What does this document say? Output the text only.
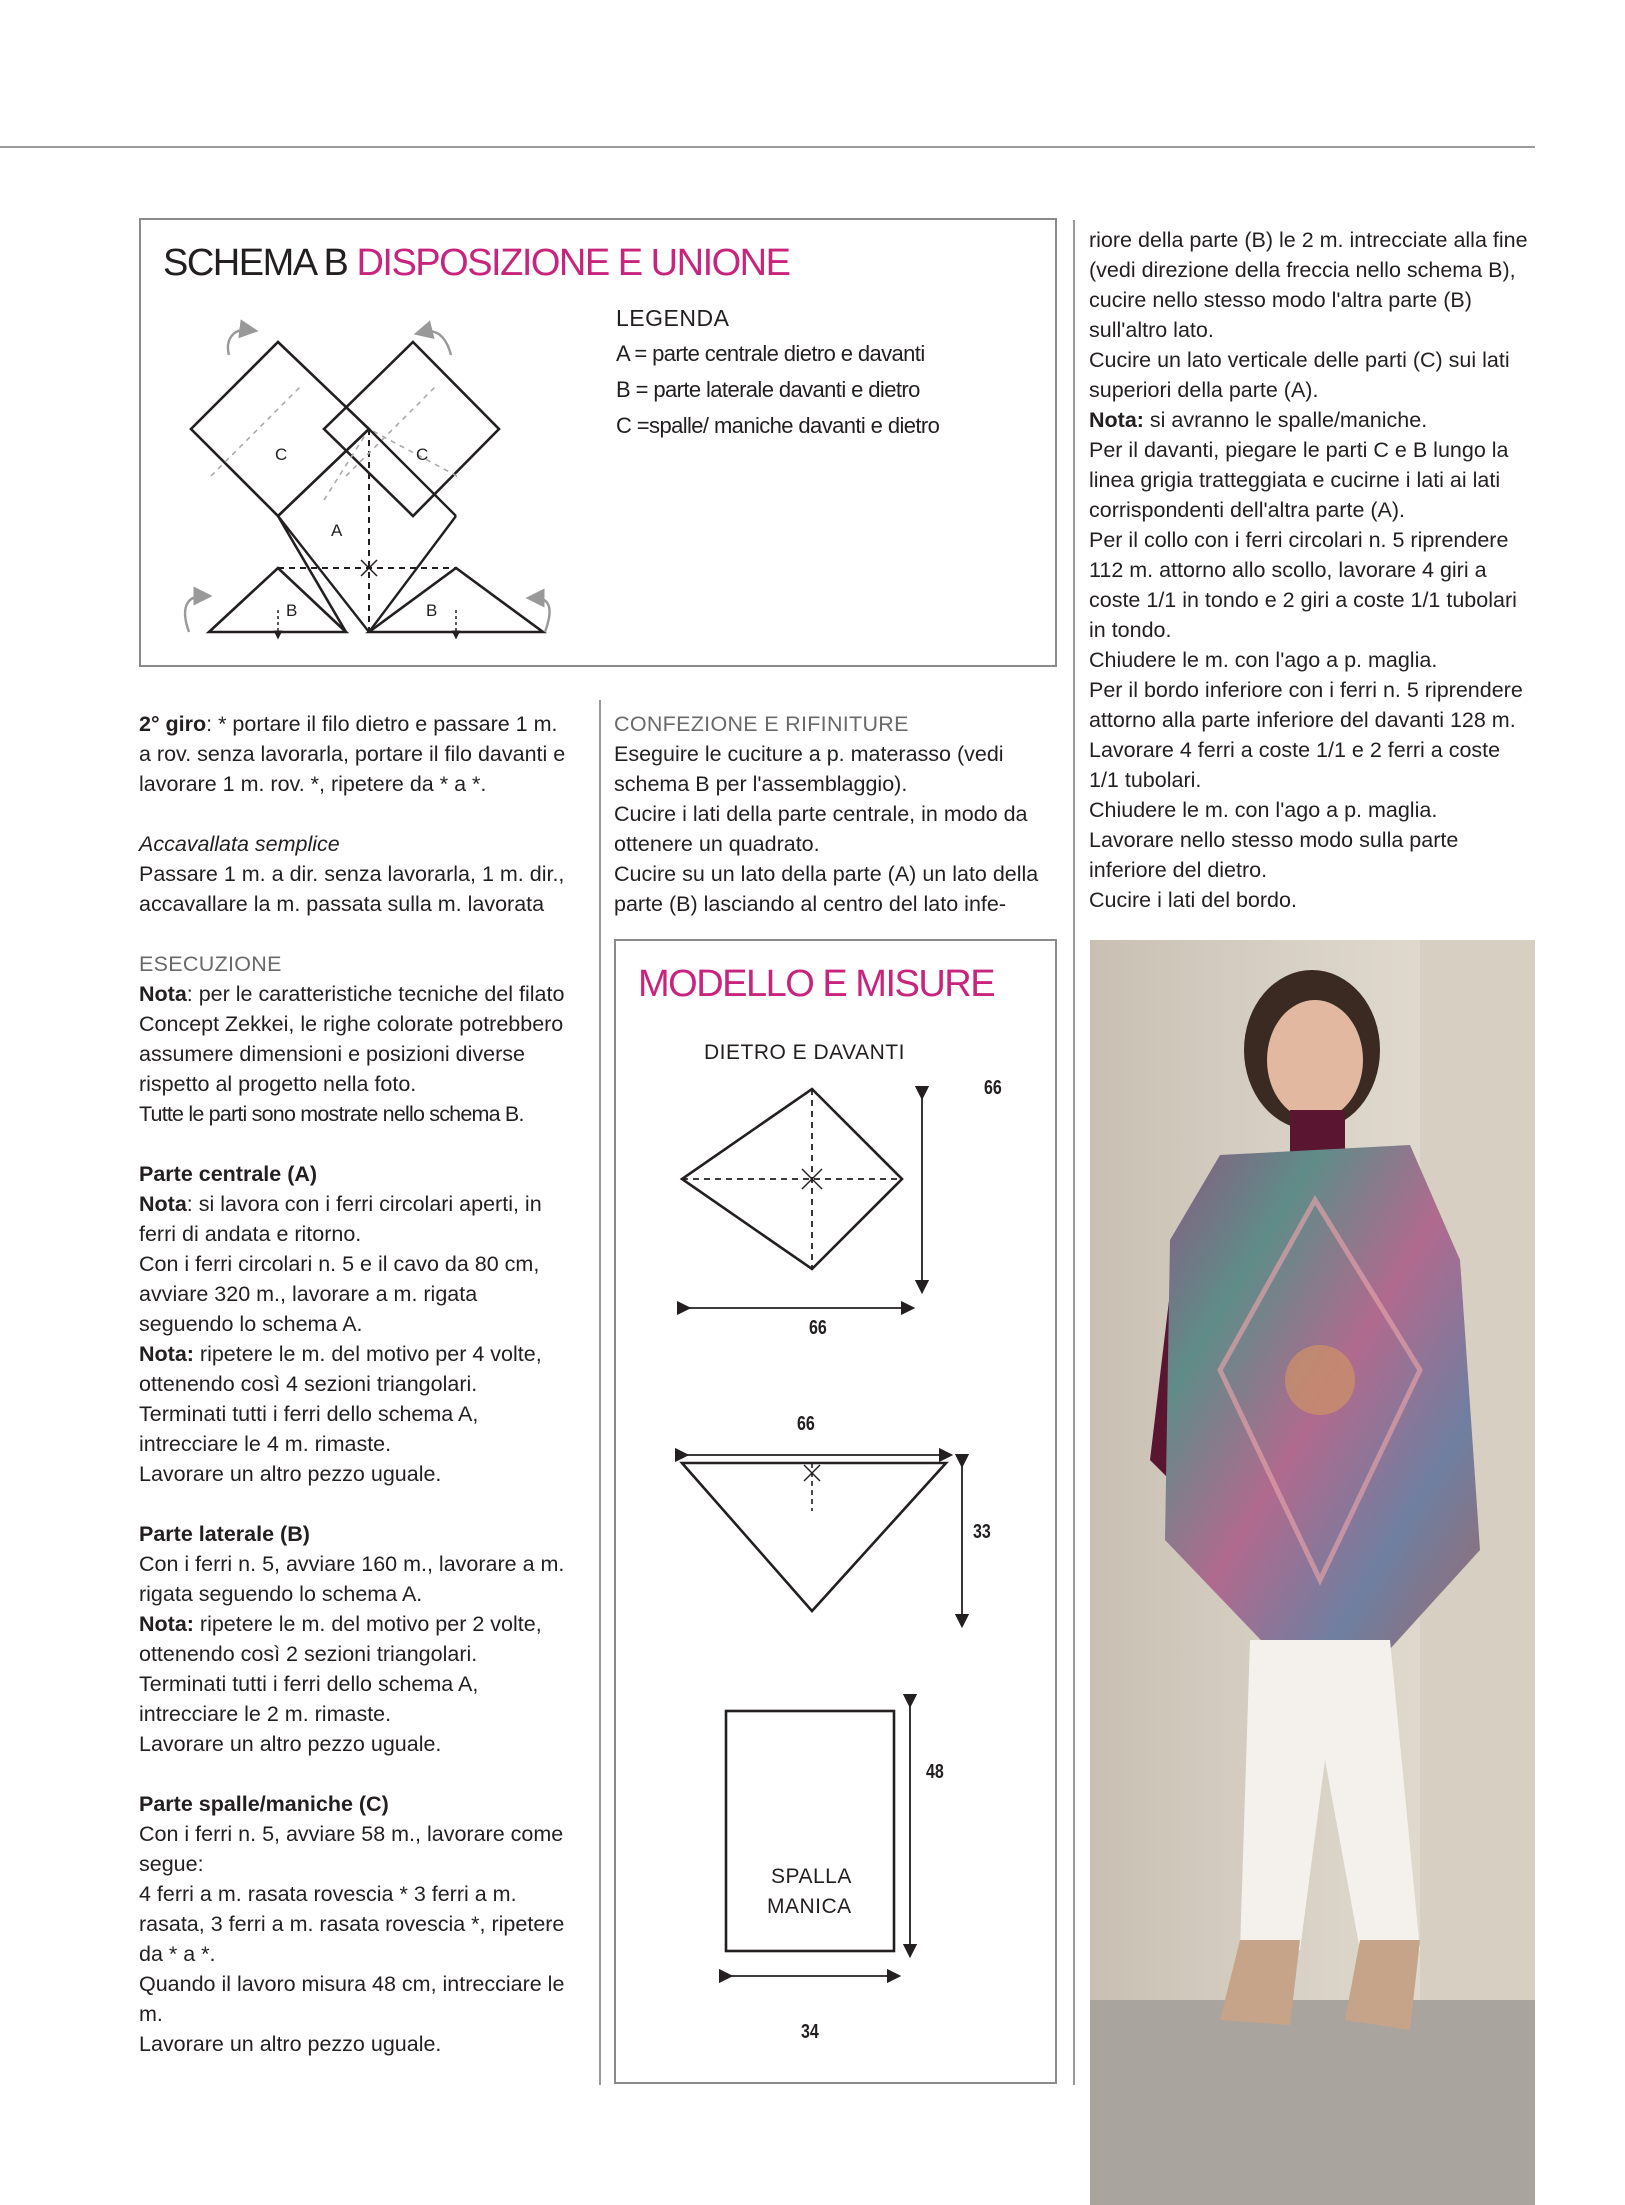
SCHEMA B DISPOSIZIONE E UNIONE
LEGENDA
A = parte centrale dietro e davanti
B = parte laterale davanti e dietro
C =spalle/ maniche davanti e dietro
C	C
A
B	B

2° giro: * portare il filo dietro e passare 1 m. a rov. senza lavorarla, portare il filo davanti e lavorare 1 m. rov. *, ripetere da * a *.

Accavallata semplice

Passare 1 m. a dir. senza lavorarla, 1 m. dir., accavallare la m. passata sulla m. lavorata

ESECUZIONE

Nota: per le caratteristiche tecniche del filato Concept Zekkei, le righe colorate potrebbero assumere dimensioni e posizioni diverse rispetto al progetto nella foto.

Tutte le parti sono mostrate nello schema B.

Parte centrale (A)

Nota: si lavora con i ferri circolari aperti, in ferri di andata e ritorno.

Con i ferri circolari n. 5 e il cavo da 80 cm, avviare 320 m., lavorare a m. rigata seguendo lo schema A.

Nota: ripetere le m. del motivo per 4 volte, ottenendo così 4 sezioni triangolari.

Terminati tutti i ferri dello schema A, intrecciare le 4 m. rimaste.

Lavorare un altro pezzo uguale.

Parte laterale (B)

Con i ferri n. 5, avviare 160 m., lavorare a m. rigata seguendo lo schema A.

Nota: ripetere le m. del motivo per 2 volte, ottenendo così 2 sezioni triangolari.

Terminati tutti i ferri dello schema A, intrecciare le 2 m. rimaste.

Lavorare un altro pezzo uguale.

Parte spalle/maniche (C)

Con i ferri n. 5, avviare 58 m., lavorare come segue:

4 ferri a m. rasata rovescia * 3 ferri a m. rasata, 3 ferri a m. rasata rovescia *, ripetere da * a *.

Quando il lavoro misura 48 cm, intrecciare le m.

Lavorare un altro pezzo uguale.

CONFEZIONE E RIFINITURE

Eseguire le cuciture a p. materasso (vedi schema B per l'assemblaggio).

Cucire i lati della parte centrale, in modo da ottenere un quadrato.

Cucire su un lato della parte (A) un lato della parte (B) lasciando al centro del lato infe-

riore della parte (B) le 2 m. intrecciate alla fine (vedi direzione della freccia nello schema B), cucire nello stesso modo l'altra parte (B) sull'altro lato.

Cucire un lato verticale delle parti (C) sui lati superiori della parte (A).

Nota: si avranno le spalle/maniche.

Per il davanti, piegare le parti C e B lungo la linea grigia tratteggiata e cucirne i lati ai lati corrispondenti dell'altra parte (A).

Per il collo con i ferri circolari n. 5 riprendere 112 m. attorno allo scollo, lavorare 4 giri a coste 1/1 in tondo e 2 giri a coste 1/1 tubolari in tondo.

Chiudere le m. con l'ago a p. maglia.

Per il bordo inferiore con i ferri n. 5 riprendere attorno alla parte inferiore del davanti 128 m. Lavorare 4 ferri a coste 1/1 e 2 ferri a coste 1/1 tubolari.

Chiudere le m. con l'ago a p. maglia.

Lavorare nello stesso modo sulla parte inferiore del dietro.

Cucire i lati del bordo.

MODELLO E MISURE
DIETRO E DAVANTI
66
66
66
33
48
34
SPALLA
MANICA
